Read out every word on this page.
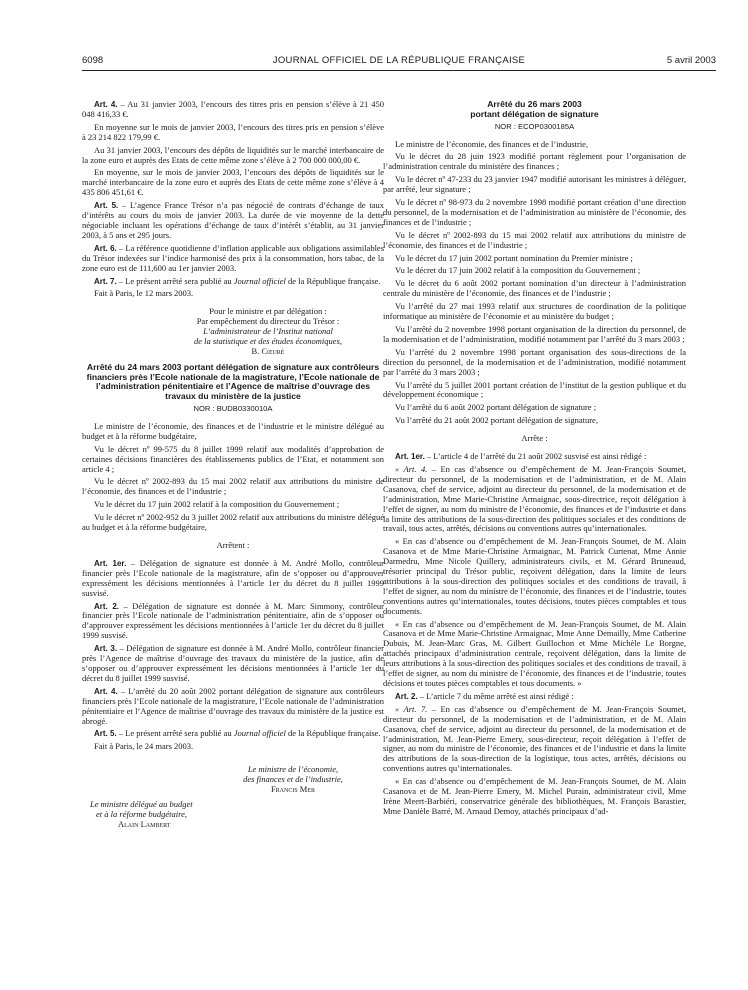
6098	JOURNAL OFFICIEL DE LA RÉPUBLIQUE FRANÇAISE	5 avril 2003

Art. 4. – Au 31 janvier 2003, l’encours des titres pris en pension s’élève à 21 450 048 416,33 €.

En moyenne sur le mois de janvier 2003, l’encours des titres pris en pension s’élève à 23 214 822 179,99 €.

Au 31 janvier 2003, l’encours des dépôts de liquidités sur le marché interbancaire de la zone euro et auprès des Etats de cette même zone s’élève à 2 700 000 000,00 €.

En moyenne, sur le mois de janvier 2003, l’encours des dépôts de liquidités sur le marché interbancaire de la zone euro et auprès des Etats de cette même zone s’élève à 4 435 806 451,61 €.

Art. 5. – L’agence France Trésor n’a pas négocié de contrats d’échange de taux d’intérêts au cours du mois de janvier 2003. La durée de vie moyenne de la dette négociable incluant les opérations d’échange de taux d’intérêt s’établit, au 31 janvier 2003, à 5 ans et 295 jours.

Art. 6. – La référence quotidienne d’inflation applicable aux obligations assimilables du Trésor indexées sur l’indice harmonisé des prix à la consommation, hors tabac, de la zone euro est de 111,600 au 1er janvier 2003.

Art. 7. – Le présent arrêté sera publié au Journal officiel de la République française.

Fait à Paris, le 12 mars 2003.

Pour le ministre et par délégation :

Par empêchement du directeur du Trésor :

L’administrateur de l’Institut national

de la statistique et des études économiques,

B. Cœuré

Arrêté du 24 mars 2003 portant délégation de signature aux contrôleurs financiers près l’Ecole nationale de la magistrature, l’Ecole nationale de l’administration pénitentiaire et l’Agence de maîtrise d’ouvrage des travaux du ministère de la justice
NOR : BUDB0330010A

Le ministre de l’économie, des finances et de l’industrie et le ministre délégué au budget et à la réforme budgétaire,

Vu le décret nº 99-575 du 8 juillet 1999 relatif aux modalités d’approbation de certaines décisions financières des établissements publics de l’Etat, et notamment son article 4 ;

Vu le décret nº 2002-893 du 15 mai 2002 relatif aux attributions du ministre de l’économie, des finances et de l’industrie ;

Vu le décret du 17 juin 2002 relatif à la composition du Gouvernement ;

Vu le décret nº 2002-952 du 3 juillet 2002 relatif aux attributions du ministre délégué au budget et à la réforme budgétaire,

Arrêtent :

Art. 1er. – Délégation de signature est donnée à M. André Mollo, contrôleur financier près l’Ecole nationale de la magistrature, afin de s’opposer ou d’approuver expressément les décisions mentionnées à l’article 1er du décret du 8 juillet 1999 susvisé.

Art. 2. – Délégation de signature est donnée à M. Marc Simmony, contrôleur financier près l’Ecole nationale de l’administration pénitentiaire, afin de s’opposer ou d’approuver expressément les décisions mentionnées à l’article 1er du décret du 8 juillet 1999 susvisé.

Art. 3. – Délégation de signature est donnée à M. André Mollo, contrôleur financier près l’Agence de maîtrise d’ouvrage des travaux du ministère de la justice, afin de s’opposer ou d’approuver expressément les décisions mentionnées à l’article 1er du décret du 8 juillet 1999 susvisé.

Art. 4. – L’arrêté du 20 août 2002 portant délégation de signature aux contrôleurs financiers près l’Ecole nationale de la magistrature, l’Ecole nationale de l’administration pénitentiaire et l’Agence de maîtrise d’ouvrage des travaux du ministère de la justice est abrogé.

Art. 5. – Le présent arrêté sera publié au Journal officiel de la République française.

Fait à Paris, le 24 mars 2003.

Le ministre de l’économie,

des finances et de l’industrie,

Francis Mer

Le ministre délégué au budget

et à la réforme budgétaire,

Alain Lambert

Arrêté du 26 mars 2003
portant délégation de signature
NOR : ECOP0300185A

Le ministre de l’économie, des finances et de l’industrie,

Vu le décret du 28 juin 1923 modifié portant règlement pour l’organisation de l’administration centrale du ministère des finances ;

Vu le décret nº 47-233 du 23 janvier 1947 modifié autorisant les ministres à déléguer, par arrêté, leur signature ;

Vu le décret nº 98-973 du 2 novembre 1998 modifié portant création d’une direction du personnel, de la modernisation et de l’administration au ministère de l’économie, des finances et de l’industrie ;

Vu le décret nº 2002-893 du 15 mai 2002 relatif aux attributions du ministre de l’économie, des finances et de l’industrie ;

Vu le décret du 17 juin 2002 portant nomination du Premier ministre ;

Vu le décret du 17 juin 2002 relatif à la composition du Gouvernement ;

Vu le décret du 6 août 2002 portant nomination d’un directeur à l’administration centrale du ministère de l’économie, des finances et de l’industrie ;

Vu l’arrêté du 27 mai 1993 relatif aux structures de coordination de la politique informatique au ministère de l’économie et au ministère du budget ;

Vu l’arrêté du 2 novembre 1998 portant organisation de la direction du personnel, de la modernisation et de l’administration, modifié notamment par l’arrêté du 3 mars 2003 ;

Vu l’arrêté du 2 novembre 1998 portant organisation des sous-directions de la direction du personnel, de la modernisation et de l’administration, modifié notamment par l’arrêté du 3 mars 2003 ;

Vu l’arrêté du 5 juillet 2001 portant création de l’institut de la gestion publique et du développement économique ;

Vu l’arrêté du 6 août 2002 portant délégation de signature ;

Vu l’arrêté du 21 août 2002 portant délégation de signature,

Arrête :

Art. 1er. – L’article 4 de l’arrêté du 21 août 2002 susvisé est ainsi rédigé :

« Art. 4. – En cas d’absence ou d’empêchement de M. Jean-François Soumet, directeur du personnel, de la modernisation et de l’administration, et de M. Alain Casanova, chef de service, adjoint au directeur du personnel, de la modernisation et de l’administration, Mme Marie-Christine Armaignac, sous-directrice, reçoit délégation à l’effet de signer, au nom du ministre de l’économie, des finances et de l’industrie et dans la limite des attributions de la sous-direction des politiques sociales et des conditions de travail, tous actes, arrêtés, décisions ou conventions autres qu’internationales.

« En cas d’absence ou d’empêchement de M. Jean-François Soumet, de M. Alain Casanova et de Mme Marie-Christine Armaignac, M. Patrick Curtenat, Mme Annie Darmedru, Mme Nicole Quillery, administrateurs civils, et M. Gérard Bruneaud, trésorier principal du Trésor public, reçoivent délégation, dans la limite de leurs attributions à la sous-direction des politiques sociales et des conditions de travail, à l’effet de signer, au nom du ministre de l’économie, des finances et de l’industrie, toutes conventions autres qu’internationales, toutes décisions, toutes pièces comptables et tous documents.

« En cas d’absence ou d’empêchement de M. Jean-François Soumet, de M. Alain Casanova et de Mme Marie-Christine Armaignac, Mme Anne Demailly, Mme Catherine Dubuis, M. Jean-Marc Gras, M. Gilbert Guillochon et Mme Michèle Le Borgne, attachés principaux d’administration centrale, reçoivent délégation, dans la limite de leurs attributions à la sous-direction des politiques sociales et des conditions de travail, à l’effet de signer, au nom du ministre de l’économie, des finances et de l’industrie, toutes décisions et toutes pièces comptables et tous documents. »

Art. 2. – L’article 7 du même arrêté est ainsi rédigé :

« Art. 7. – En cas d’absence ou d’empêchement de M. Jean-François Soumet, directeur du personnel, de la modernisation et de l’administration, et de M. Alain Casanova, chef de service, adjoint au directeur du personnel, de la modernisation et de l’administration, M. Jean-Pierre Emery, sous-directeur, reçoit délégation à l’effet de signer, au nom du ministre de l’économie, des finances et de l’industrie et dans la limite des attributions de la sous-direction de la logistique, tous actes, arrêtés, décisions ou conventions autres qu’internationales.

« En cas d’absence ou d’empêchement de M. Jean-François Soumet, de M. Alain Casanova et de M. Jean-Pierre Emery, M. Michel Purain, administrateur civil, Mme Irène Meert-Barbiéri, conservatrice générale des bibliothèques, M. François Barastier, Mme Danièle Barré, M. Arnaud Demoy, attachés principaux d’ad-
